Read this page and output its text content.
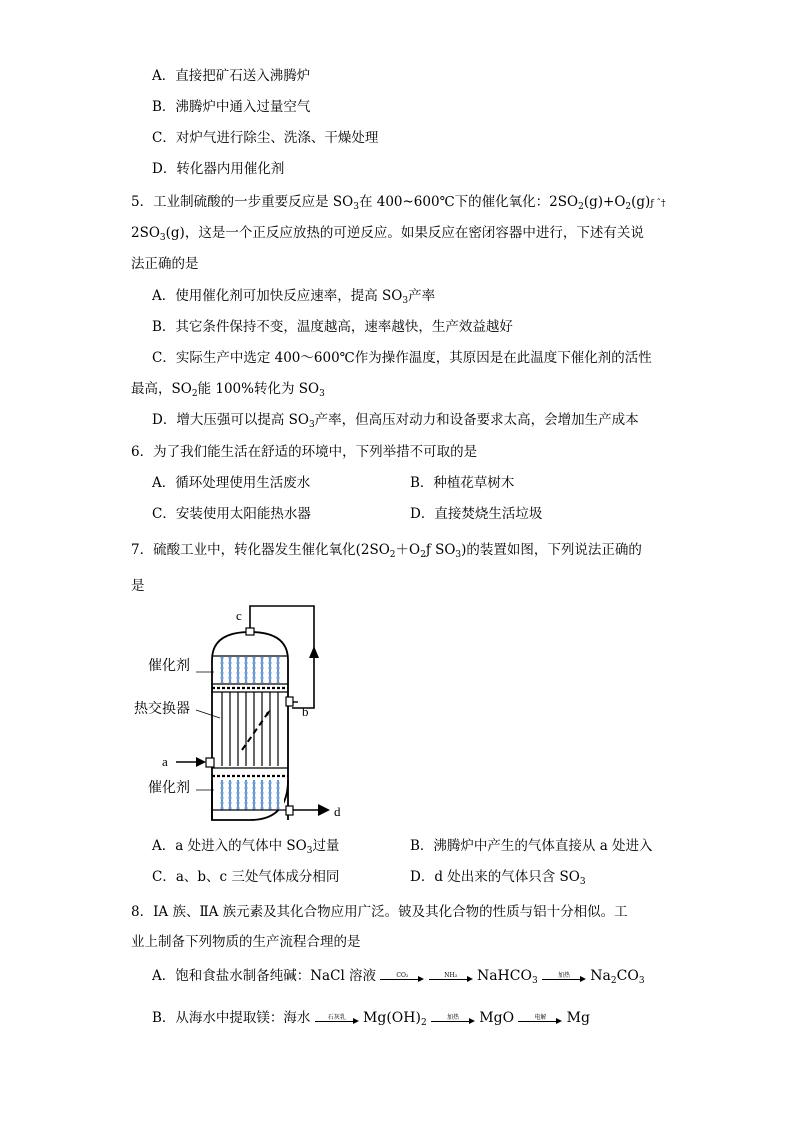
A．直接把矿石送入沸腾炉
B．沸腾炉中通入过量空气
C．对炉气进行除尘、洗涤、干燥处理
D．转化器内用催化剂
5．工业制硫酸的一步重要反应是 $SO_3$在 400~600℃下的催化氧化：$2SO_2(g)+O_2(g)ƒ$ ˆ†
$2SO_3(g)$，这是一个正反应放热的可逆反应。如果反应在密闭容器中进行，下述有关说
法正确的是
A．使用催化剂可加快反应速率，提高 $SO_3$产率
B．其它条件保持不变，温度越高，速率越快，生产效益越好
C．实际生产中选定 400～600℃作为操作温度，其原因是在此温度下催化剂的活性
最高，$SO_2$能 100%转化为 $SO_3$
D．增大压强可以提高 $SO_3$产率，但高压对动力和设备要求太高，会增加生产成本
6．为了我们能生活在舒适的环境中，下列举措不可取的是
A．循环处理使用生活废水	B．种植花草树木
C．安装使用太阳能热水器	D．直接焚烧生活垃圾
7．硫酸工业中，转化器发生催化氧化($2SO_2+O_2ƒ$ $SO_3$)的装置如图，下列说法正确的
是
c
催化剂
热交换器	b
a
催化剂
d
A．a 处进入的气体中 $SO_3$过量	B．沸腾炉中产生的气体直接从 a 处进入
C．a、b、c 三处气体成分相同	D．d 处出来的气体只含 $SO_3$
8．ⅠA 族、ⅡA 族元素及其化合物应用广泛。铍及其化合物的性质与铝十分相似。工
业上制备下列物质的生产流程合理的是
A．饱和食盐水制备纯碱：NaCl 溶液	CO₂
	NH₃	NaHCO$_3$
加热	$Na_2CO_3$
B．从海水中提取镁：海水	石灰乳	$Mg(OH)_2$
加热	MgO	电解	Mg
